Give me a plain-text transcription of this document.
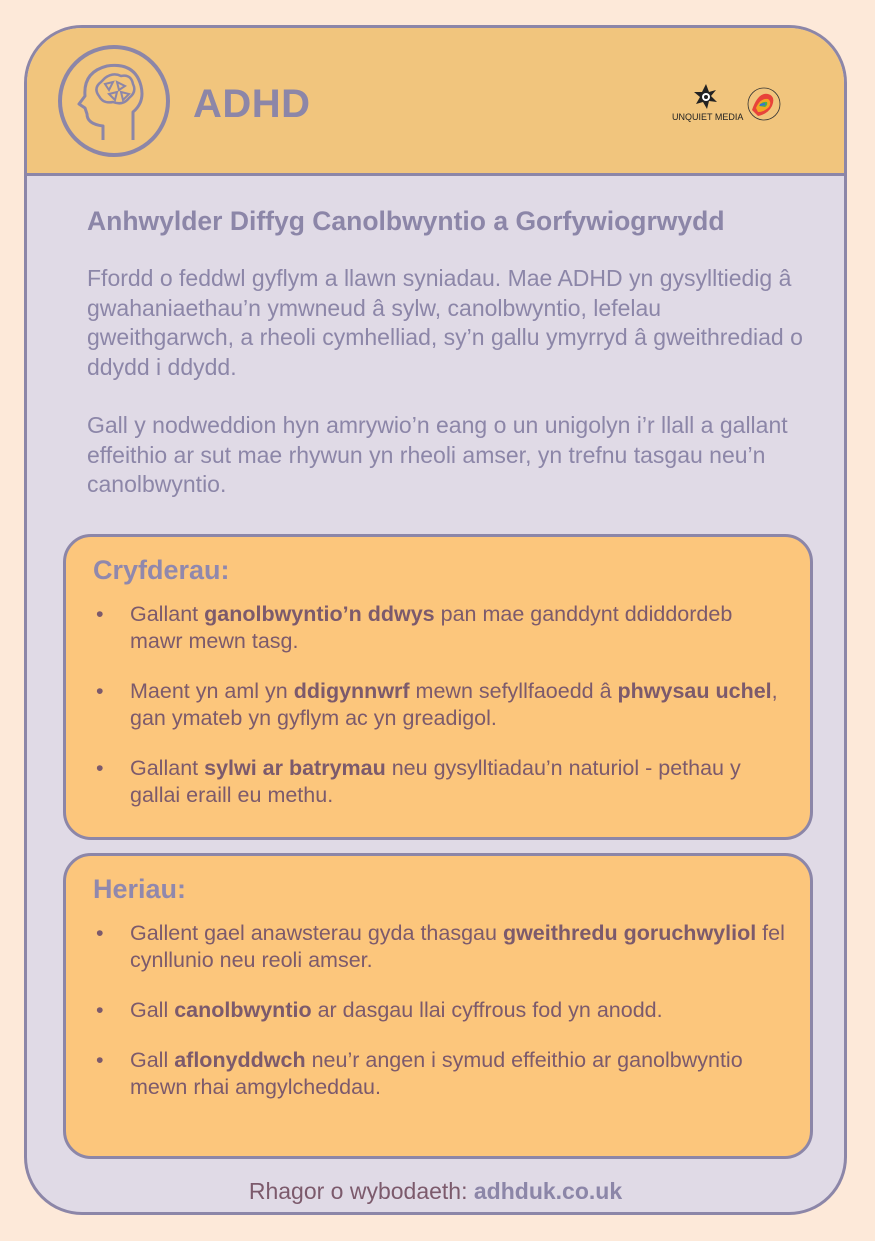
ADHD	UNQUIET MEDIA
Anhwylder Diffyg Canolbwyntio a Gorfywiogrwydd

Ffordd o feddwl gyflym a llawn syniadau. Mae ADHD yn gysylltiedig â gwahaniaethau’n ymwneud â sylw, canolbwyntio, lefelau gweithgarwch, a rheoli cymhelliad, sy’n gallu ymyrryd â gweithrediad o ddydd i ddydd.

Gall y nodweddion hyn amrywio’n eang o un unigolyn i’r llall a gallant effeithio ar sut mae rhywun yn rheoli amser, yn trefnu tasgau neu’n canolbwyntio.

Cryfderau:
• Gallant ganolbwyntio’n ddwys pan mae ganddynt ddiddordeb mawr mewn tasg.
• Maent yn aml yn ddigynnwrf mewn sefyllfaoedd â phwysau uchel, gan ymateb yn gyflym ac yn greadigol.
• Gallant sylwi ar batrymau neu gysylltiadau’n naturiol - pethau y gallai eraill eu methu.
Heriau:
• Gallent gael anawsterau gyda thasgau gweithredu goruchwyliol fel cynllunio neu reoli amser.
• Gall canolbwyntio ar dasgau llai cyffrous fod yn anodd.
• Gall aflonyddwch neu’r angen i symud effeithio ar ganolbwyntio mewn rhai amgylcheddau.

Rhagor o wybodaeth: adhduk.co.uk
